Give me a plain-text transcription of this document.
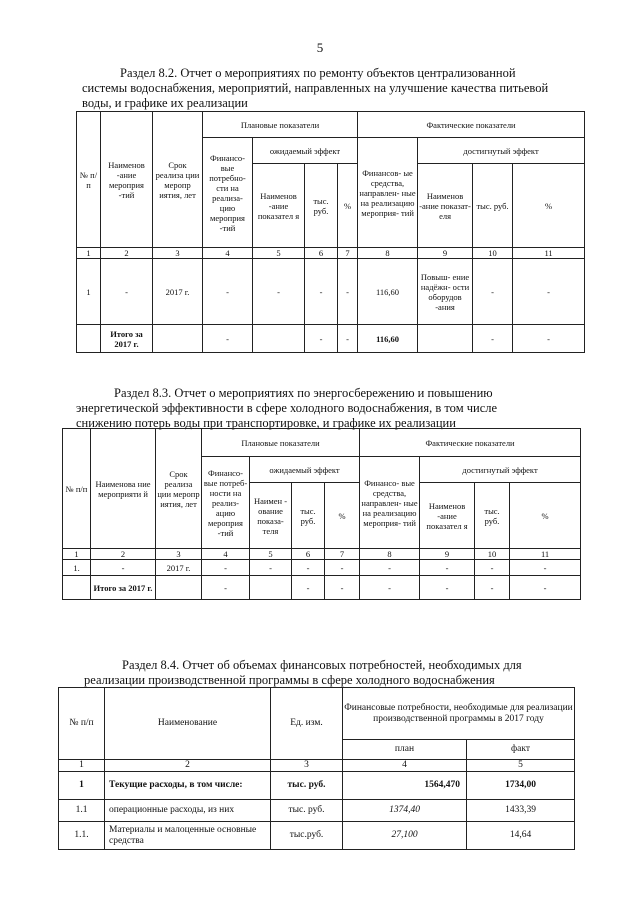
5
Раздел 8.2. Отчет о мероприятиях по ремонту объектов централизованной
системы водоснабжения, мероприятий, направленных на улучшение качества питьевой
воды, и графике их реализации
№ п/п	Наименов -ание мероприя -тий	Срок реализа ции меропр иятия, лет	Плановые показатели				Фактические показатели			
			Финансо- вые потребно- сти на реализа- цию мероприя -тий	ожидаемый эффект			Финансов- ые средства, направлен- ные на реализацию мероприя- тий	достигнутый эффект		
				Наименов -ание показател я	тыс. руб.	%		Наименов -ание показат- еля	тыс. руб.	%
1	2	3	4	5	6	7	8	9	10	11
1	-	2017 г.	-	-	-	-	116,60	Повыш- ение надёжн- ости оборудов -ания	-	-
	Итого за 2017 г.		-		-	-	116,60		-	-
Раздел 8.3. Отчет о мероприятиях по энергосбережению и повышению
энергетической эффективности в сфере холодного водоснабжения, в том числе
снижению потерь воды при транспортировке, и графике их реализации
№ п/п	Наименова ние мероприяти й	Срок реализа ции меропр иятия, лет	Плановые показатели				Фактические показатели			
			Финансо- вые потреб- ности на реализ- ацию мероприя -тий	ожидаемый эффект			Финансо- вые средства, направлен- ные на реализацию мероприя- тий	достигнутый эффект		
				Наимен - ование показа- теля	тыс. руб.	%		Наименов -ание показател я	тыс. руб.	%
1	2	3	4	5	6	7	8	9	10	11
1.	-	2017 г.	-	-	-	-	-	-	-	-
	Итого за 2017 г.		-		-	-	-	-	-	-
Раздел 8.4. Отчет об объемах финансовых потребностей, необходимых для
реализации производственной программы в сфере холодного водоснабжения
№ п/п	Наименование	Ед. изм.	Финансовые потребности, необходимые для реализации производственной программы в 2017 году	
			план	факт
1	2	3	4	5
1	Текущие расходы, в том числе:	тыс. руб.	1564,470	1734,00
1.1	операционные расходы, из них	тыс. руб.	1374,40	1433,39
1.1.	Материалы и малоценные основные средства	тыс.руб.	27,100	14,64
